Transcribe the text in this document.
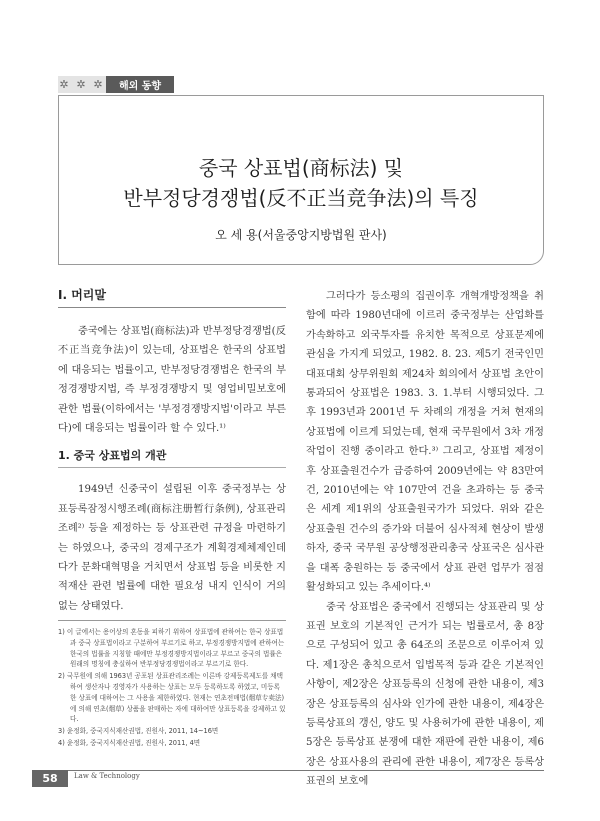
✲ ✲ ✲	해외 동향
중국 상표법(商标法) 및
반부정당경쟁법(反不正当竞争法)의 특징
오 세 용(서울중앙지방법원 판사)
I. 머리말

중국에는 상표법(商标法)과 반부정당경쟁법(反不正当竞争法)이 있는데, 상표법은 한국의 상표법에 대응되는 법률이고, 반부정당경쟁법은 한국의 부정경쟁방지법, 즉 부정경쟁방지 및 영업비밀보호에 관한 법률(이하에서는 '부정경쟁방지법'이라고 부른다)에 대응되는 법률이라 할 수 있다.¹⁾

1. 중국 상표법의 개관

1949년 신중국이 설립된 이후 중국정부는 상표등록잠정시행조례(商标注册暂行条例), 상표관리조례²⁾ 등을 제정하는 등 상표관련 규정을 마련하기는 하였으나, 중국의 경제구조가 계획경제체제인데다가 문화대혁명을 거치면서 상표법 등을 비롯한 지적재산 관련 법률에 대한 필요성 내지 인식이 거의 없는 상태였다.

1) 이 글에서는 용어상의 혼동을 피하기 위하여 상표법에 관하여는 한국 상표법과 중국 상표법이라고 구분하여 부르기로 하고, 부정경쟁방지법에 관하여는 한국의 법률을 지칭할 때에만 부정경쟁방지법이라고 부르고 중국의 법률은 원래의 명칭에 충실하여 반부정당경쟁법이라고 부르기로 한다.

2) 국무원에 의해 1963년 공포된 상표관리조례는 이른바 강제등록제도를 채택하여 생산자나 경영자가 사용하는 상표는 모두 등록하도록 하였고, 미등록한 상표에 대하여는 그 사용을 제한하였다. 현재는 연초전매법(烟草专卖法)에 의해 연초(烟草) 상품을 판매하는 자에 대하여만 상표등록을 강제하고 있다.

3) 윤정화, 중국지식재산권법, 진원사, 2011, 14~16면

4) 윤정화, 중국지식재산권법, 진원사, 2011, 4면

그러다가 등소평의 집권이후 개혁개방정책을 취함에 따라 1980년대에 이르러 중국정부는 산업화를 가속화하고 외국투자를 유치한 목적으로 상표문제에 관심을 가지게 되었고, 1982. 8. 23. 제5기 전국인민대표대회 상무위원회 제24차 회의에서 상표법 초안이 통과되어 상표법은 1983. 3. 1.부터 시행되었다. 그 후 1993년과 2001년 두 차례의 개정을 거쳐 현재의 상표법에 이르게 되었는데, 현재 국무원에서 3차 개정작업이 진행 중이라고 한다.³⁾ 그리고, 상표법 제정이후 상표출원건수가 급증하여 2009년에는 약 83만여 건, 2010년에는 약 107만여 건을 초과하는 등 중국은 세계 제1위의 상표출원국가가 되었다. 위와 같은 상표출원 건수의 증가와 더불어 심사적체 현상이 발생하자, 중국 국무원 공상행정관리총국 상표국은 심사관을 대폭 충원하는 등 중국에서 상표 관련 업무가 점점 활성화되고 있는 추세이다.⁴⁾

중국 상표법은 중국에서 진행되는 상표관리 및 상표권 보호의 기본적인 근거가 되는 법률로서, 총 8장으로 구성되어 있고 총 64조의 조문으로 이루어져 있다. 제1장은 총칙으로서 입법목적 등과 같은 기본적인 사항이, 제2장은 상표등록의 신청에 관한 내용이, 제3장은 상표등록의 심사와 인가에 관한 내용이, 제4장은 등록상표의 갱신, 양도 및 사용허가에 관한 내용이, 제5장은 등록상표 분쟁에 대한 재판에 관한 내용이, 제6장은 상표사용의 관리에 관한 내용이, 제7장은 등록상표권의 보호에

58	Law & Technology
